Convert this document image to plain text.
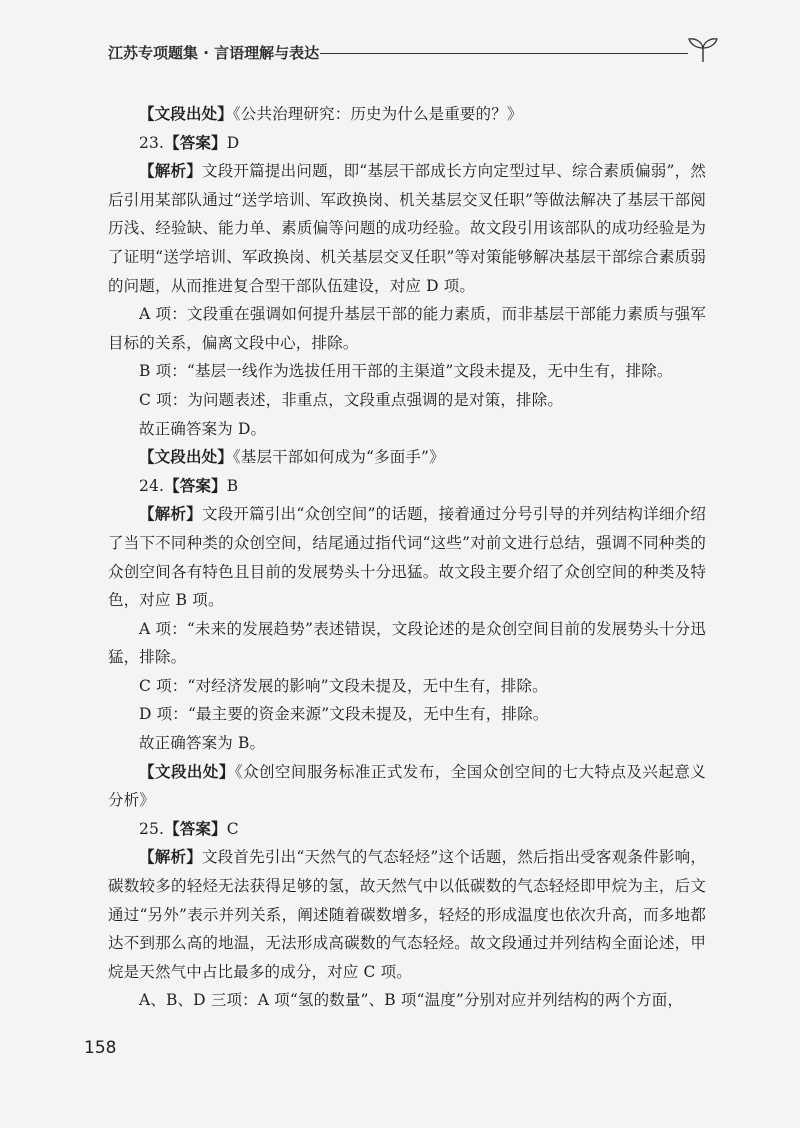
江苏专项题集 · 言语理解与表达

【文段出处】《公共治理研究：历史为什么是重要的？》

23.【答案】D

【解析】文段开篇提出问题，即“基层干部成长方向定型过早、综合素质偏弱”，然后引用某部队通过“送学培训、军政换岗、机关基层交叉任职”等做法解决了基层干部阅历浅、经验缺、能力单、素质偏等问题的成功经验。故文段引用该部队的成功经验是为了证明“送学培训、军政换岗、机关基层交叉任职”等对策能够解决基层干部综合素质弱的问题，从而推进复合型干部队伍建设，对应 D 项。

A 项：文段重在强调如何提升基层干部的能力素质，而非基层干部能力素质与强军目标的关系，偏离文段中心，排除。

B 项：“基层一线作为选拔任用干部的主渠道”文段未提及，无中生有，排除。

C 项：为问题表述，非重点，文段重点强调的是对策，排除。

故正确答案为 D。

【文段出处】《基层干部如何成为“多面手”》

24.【答案】B

【解析】文段开篇引出“众创空间”的话题，接着通过分号引导的并列结构详细介绍了当下不同种类的众创空间，结尾通过指代词“这些”对前文进行总结，强调不同种类的众创空间各有特色且目前的发展势头十分迅猛。故文段主要介绍了众创空间的种类及特色，对应 B 项。

A 项：“未来的发展趋势”表述错误，文段论述的是众创空间目前的发展势头十分迅猛，排除。

C 项：“对经济发展的影响”文段未提及，无中生有，排除。

D 项：“最主要的资金来源”文段未提及，无中生有，排除。

故正确答案为 B。

【文段出处】《众创空间服务标准正式发布，全国众创空间的七大特点及兴起意义分析》

25.【答案】C

【解析】文段首先引出“天然气的气态轻烃”这个话题，然后指出受客观条件影响，碳数较多的轻烃无法获得足够的氢，故天然气中以低碳数的气态轻烃即甲烷为主，后文通过“另外”表示并列关系，阐述随着碳数增多，轻烃的形成温度也依次升高，而多地都达不到那么高的地温，无法形成高碳数的气态轻烃。故文段通过并列结构全面论述，甲烷是天然气中占比最多的成分，对应 C 项。

A、B、D 三项：A 项“氢的数量”、B 项“温度”分别对应并列结构的两个方面，

158
